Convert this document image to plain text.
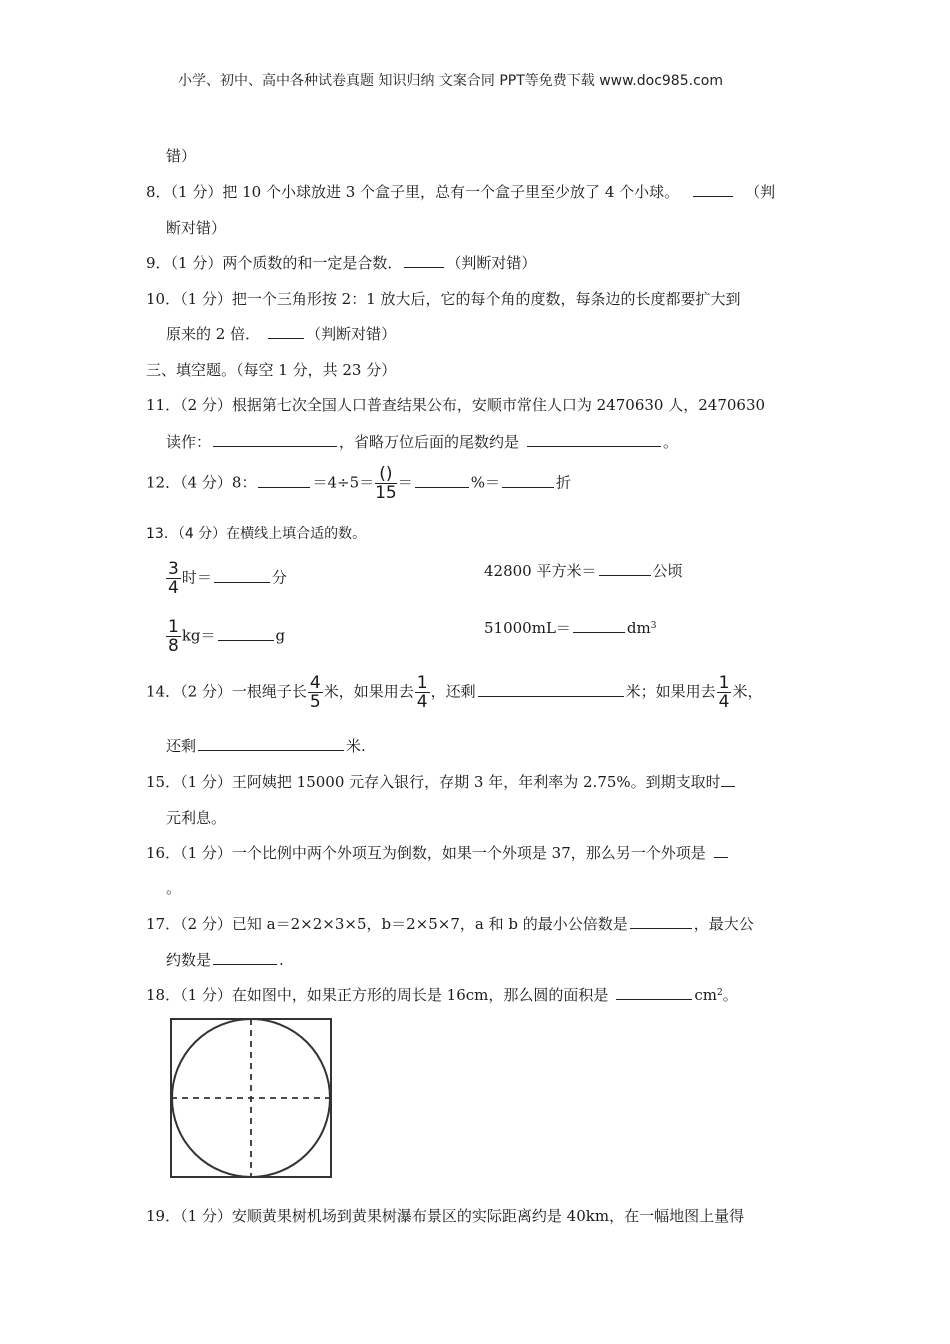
小学、初中、高中各种试卷真题 知识归纳 文案合同 PPT等免费下载 www.doc985.com
错）
8．（1 分）把 10 个小球放进 3 个盒子里，总有一个盒子里至少放了 4 个小球。	（判
断对错）
9．（1 分）两个质数的和一定是合数．	（判断对错）
10．（1 分）把一个三角形按 2：1 放大后，它的每个角的度数，每条边的长度都要扩大到
原来的 2 倍．	（判断对错）
三、填空题。（每空 1 分，共 23 分）
11．（2 分）根据第七次全国人口普查结果公布，安顺市常住人口为 2470630 人，2470630
读作：	，省略万位后面的尾数约是	。
12．（4 分）8：	$=4\div 5= \frac{()}{15}$ ＝	%＝	折
13．（4 分）在横线上填合适的数。
$\frac{3}{4}$ 时＝	分	42800 平方米＝	公顷
$\frac{1}{8} kg=$	g	51000mL＝	$dm^3$
14．（2 分）一根绳子长 $\frac{4}{5}$ 米，如果用去 $\frac{1}{4}$ ，还剩	米；如果用去 $\frac{1}{4}$ 米，
还剩	米.
15．（1 分）王阿姨把 15000 元存入银行，存期 3 年，年利率为 2.75%。到期支取时
元利息。
16．（1 分）一个比例中两个外项互为倒数，如果一个外项是 37，那么另一个外项是
。
17．（2 分）已知 a＝2×2×3×5，b＝2×5×7，a 和 b 的最小公倍数是	，最大公
约数是	.
18．（1 分）在如图中，如果正方形的周长是 16cm，那么圆的面积是	$cm^2$。
19．（1 分）安顺黄果树机场到黄果树瀑布景区的实际距离约是 40km，在一幅地图上量得
